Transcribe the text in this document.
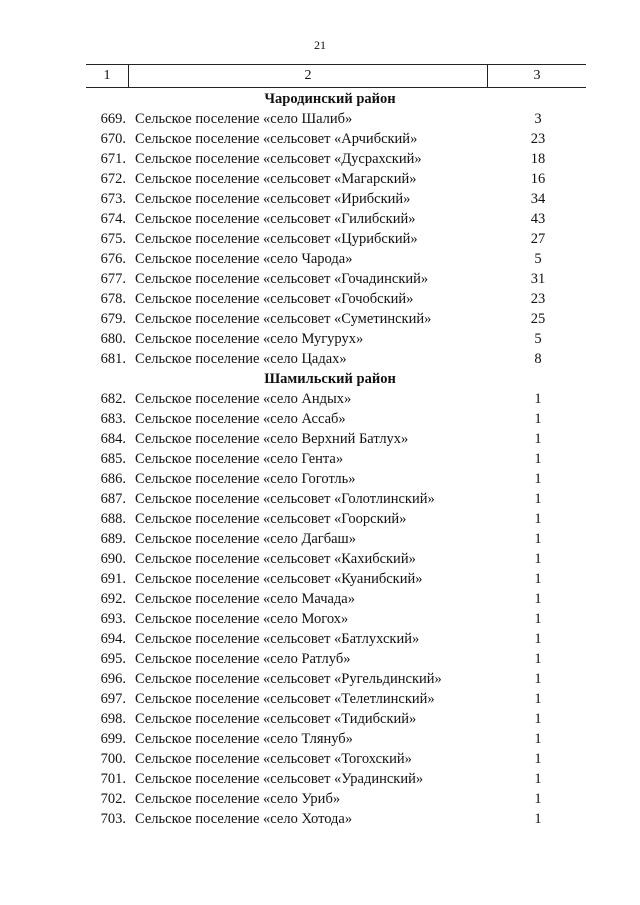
21
1	2	3
Чародинский район
669. Сельское поселение «село Шалиб»	3
670. Сельское поселение «сельсовет «Арчибский»	23
671. Сельское поселение «сельсовет «Дусрахский»	18
672. Сельское поселение «сельсовет «Магарский»	16
673. Сельское поселение «сельсовет «Ирибский»	34
674. Сельское поселение «сельсовет «Гилибский»	43
675. Сельское поселение «сельсовет «Цурибский»	27
676. Сельское поселение «село Чарода»	5
677. Сельское поселение «сельсовет «Гочадинский»	31
678. Сельское поселение «сельсовет «Гочобский»	23
679. Сельское поселение «сельсовет «Суметинский»	25
680. Сельское поселение «село Мугурух»	5
681. Сельское поселение «село Цадах»	8
Шамильский район
682. Сельское поселение «село Андых»	1
683. Сельское поселение «село Ассаб»	1
684. Сельское поселение «село Верхний Батлух»	1
685. Сельское поселение «село Гента»	1
686. Сельское поселение «село Гоготль»	1
687. Сельское поселение «сельсовет «Голотлинский»	1
688. Сельское поселение «сельсовет «Гоорский»	1
689. Сельское поселение «село Дагбаш»	1
690. Сельское поселение «сельсовет «Кахибский»	1
691. Сельское поселение «сельсовет «Куанибский»	1
692. Сельское поселение «село Мачада»	1
693. Сельское поселение «село Могох»	1
694. Сельское поселение «сельсовет «Батлухский»	1
695. Сельское поселение «село Ратлуб»	1
696. Сельское поселение «сельсовет «Ругельдинский»	1
697. Сельское поселение «сельсовет «Телетлинский»	1
698. Сельское поселение «сельсовет «Тидибский»	1
699. Сельское поселение «село Тлянуб»	1
700. Сельское поселение «сельсовет «Тогохский»	1
701. Сельское поселение «сельсовет «Урадинский»	1
702. Сельское поселение «село Уриб»	1
703. Сельское поселение «село Хотода»	1
